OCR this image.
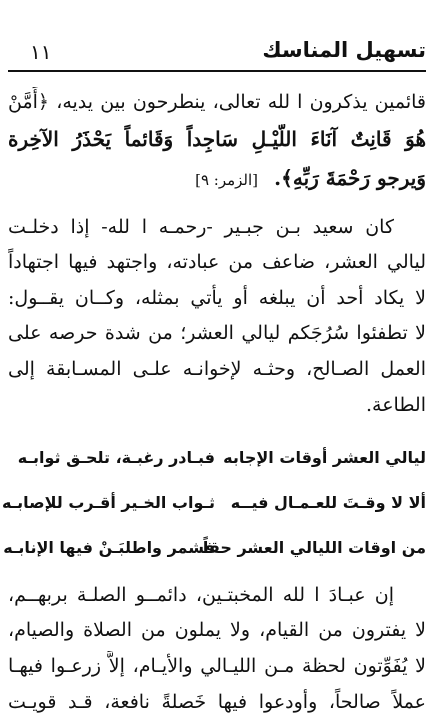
تسهيل المناسك
١١
قائمين يذكرون ا لله تعالى، ينطرحون بين يديه، ﴿أَمَّنْ
هُوَ قَانِتٌ آنَاءَ اللَّيْـلِ سَاجِداً وَقَائماً يَحْذَرُ الآخِرة
وَيرجو رَحْمَةَ رَبِّهِ﴾.
[الزمر: ٩]
كان سعيد بـن جبـير -رحمـه ا لله- إذا دخلـت
ليالي العشر، ضاعف من عبادته، واجتهد فيها اجتهاداً
لا يكاد أحد أن يبلغه أو يأتي بمثله، وكــان يقــول:
لا تطفئوا سُرُجَكم ليالي العشر؛ من شدة حرصه على
العمل الصـالح، وحثـه لإخوانـه علـى المسـابقة إلى
الطاعة.
ليالي العشر أوقات الإجابه
فبـادر رغبـة، تلحـق ثوابـه
ألا لا وقـتَ للعـمـال فيــه
ثـواب الخـير أقـرب للإصابـه
من اوقات الليالي العشر حقاً
فشمر واطلبَـنْ فيها الإنابـه
إن عبـادَ ا لله المخبتـين، دائمــو الصلـة بربهــم،
لا يفترون من القيام، ولا يملون من الصلاة والصيام،
لا يُفَوِّتون لحظة مـن الليـالي والأيـام، إلاَّ زرعـوا فيهـا
عملاً صالحاً، وأودعوا فيها خَصلةً نافعة، قـد قويـت
